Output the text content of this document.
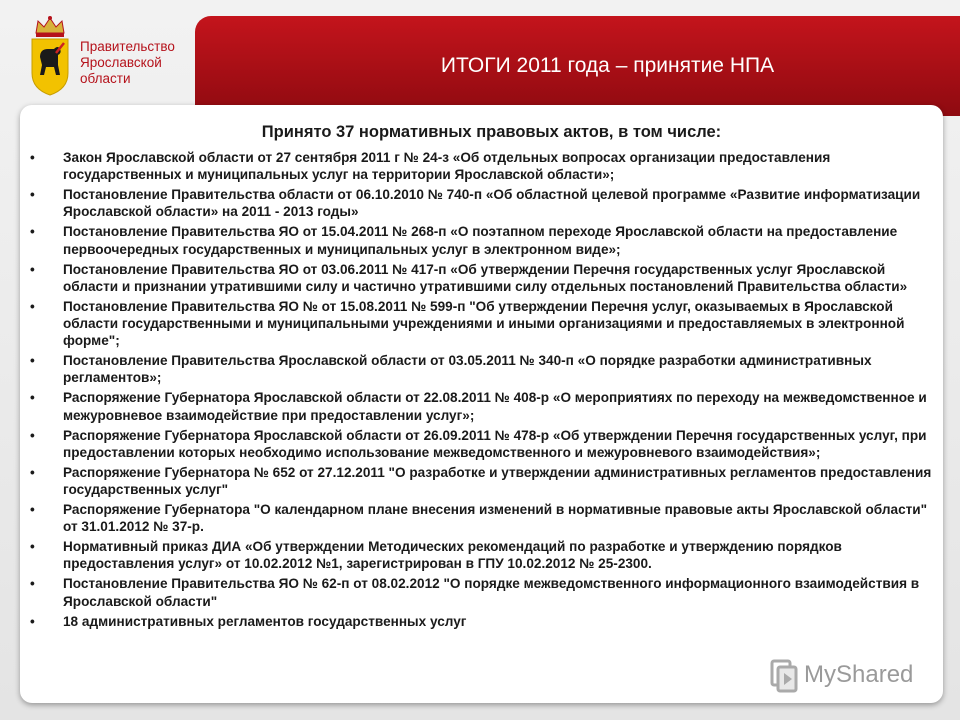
Правительство
Ярославской
области
ИТОГИ 2011 года – принятие НПА
Принято 37 нормативных правовых актов, в том числе:
• Закон Ярославской области от 27 сентября 2011 г № 24-з «Об отдельных вопросах организации предоставления государственных и муниципальных услуг на территории Ярославской области»;
• Постановление Правительства области от 06.10.2010 № 740-п «Об областной целевой программе «Развитие информатизации Ярославской области» на 2011 - 2013 годы»
• Постановление Правительства ЯО от 15.04.2011 № 268-п «О поэтапном переходе Ярославской области на предоставление первоочередных государственных и муниципальных услуг в электронном виде»;
• Постановление Правительства ЯО от 03.06.2011 № 417-п «Об утверждении Перечня государственных услуг Ярославской области и признании утратившими силу и частично утратившими силу отдельных постановлений Правительства области»
• Постановление Правительства ЯО № от 15.08.2011 № 599-п "Об утверждении Перечня услуг, оказываемых в Ярославской области государственными и муниципальными учреждениями и иными организациями и предоставляемых в электронной форме";
• Постановление Правительства Ярославской области от 03.05.2011 № 340-п «О порядке разработки административных регламентов»;
• Распоряжение Губернатора Ярославской области от 22.08.2011 № 408-р «О мероприятиях по переходу на межведомственное и межуровневое взаимодействие при предоставлении услуг»;
• Распоряжение Губернатора Ярославской области от 26.09.2011 № 478-р «Об утверждении Перечня государственных услуг, при предоставлении которых необходимо использование межведомственного и межуровневого взаимодействия»;
• Распоряжение Губернатора № 652 от 27.12.2011 "О разработке и утверждении административных регламентов предоставления государственных услуг"
• Распоряжение Губернатора "О календарном плане внесения изменений в нормативные правовые акты Ярославской области" от 31.01.2012 № 37-р.
• Нормативный приказ ДИА «Об утверждении Методических рекомендаций по разработке и утверждению порядков предоставления услуг» от 10.02.2012 №1, зарегистрирован в ГПУ 10.02.2012 № 25-2300.
• Постановление Правительства ЯО № 62-п от 08.02.2012 "О порядке межведомственного информационного взаимодействия в Ярославской области"
• 18 административных регламентов государственных услуг
MyShared
